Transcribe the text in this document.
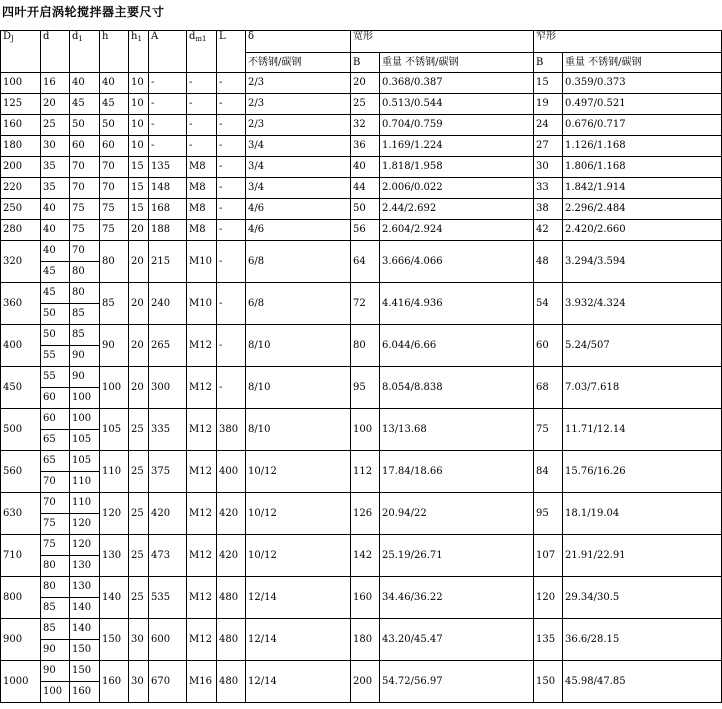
四叶开启涡轮搅拌器主要尺寸
$D_J$	d	$d_1$	h	$h_1$	A	$d_{m1}$	L	δ	宽形		窄形	
								不锈钢/碳钢	B	重量 不锈钢/碳钢	B	重量 不锈钢/碳钢
100	16	40	40	10	-	-	-	2/3	20	0.368/0.387	15	0.359/0.373
125	20	45	45	10	-	-	-	2/3	25	0.513/0.544	19	0.497/0.521
160	25	50	50	10	-	-	-	2/3	32	0.704/0.759	24	0.676/0.717
180	30	60	60	10	-	-	-	3/4	36	1.169/1.224	27	1.126/1.168
200	35	70	70	15	135	M8	-	3/4	40	1.818/1.958	30	1.806/1.168
220	35	70	70	15	148	M8	-	3/4	44	2.006/0.022	33	1.842/1.914
250	40	75	75	15	168	M8	-	4/6	50	2.44/2.692	38	2.296/2.484
280	40	75	75	20	188	M8	-	4/6	56	2.604/2.924	42	2.420/2.660
320	40	70	80	20	215	M10	-	6/8	64	3.666/4.066	48	3.294/3.594
	45	80										
360	45	80	85	20	240	M10	-	6/8	72	4.416/4.936	54	3.932/4.324
	50	85										
400	50	85	90	20	265	M12	-	8/10	80	6.044/6.66	60	5.24/507
	55	90										
450	55	90	100	20	300	M12	-	8/10	95	8.054/8.838	68	7.03/7.618
	60	100										
500	60	100	105	25	335	M12	380	8/10	100	13/13.68	75	11.71/12.14
	65	105										
560	65	105	110	25	375	M12	400	10/12	112	17.84/18.66	84	15.76/16.26
	70	110										
630	70	110	120	25	420	M12	420	10/12	126	20.94/22	95	18.1/19.04
	75	120										
710	75	120	130	25	473	M12	420	10/12	142	25.19/26.71	107	21.91/22.91
	80	130										
800	80	130	140	25	535	M12	480	12/14	160	34.46/36.22	120	29.34/30.5
	85	140										
900	85	140	150	30	600	M12	480	12/14	180	43.20/45.47	135	36.6/28.15
	90	150										
1000	90	150	160	30	670	M16	480	12/14	200	54.72/56.97	150	45.98/47.85
	100	160										
